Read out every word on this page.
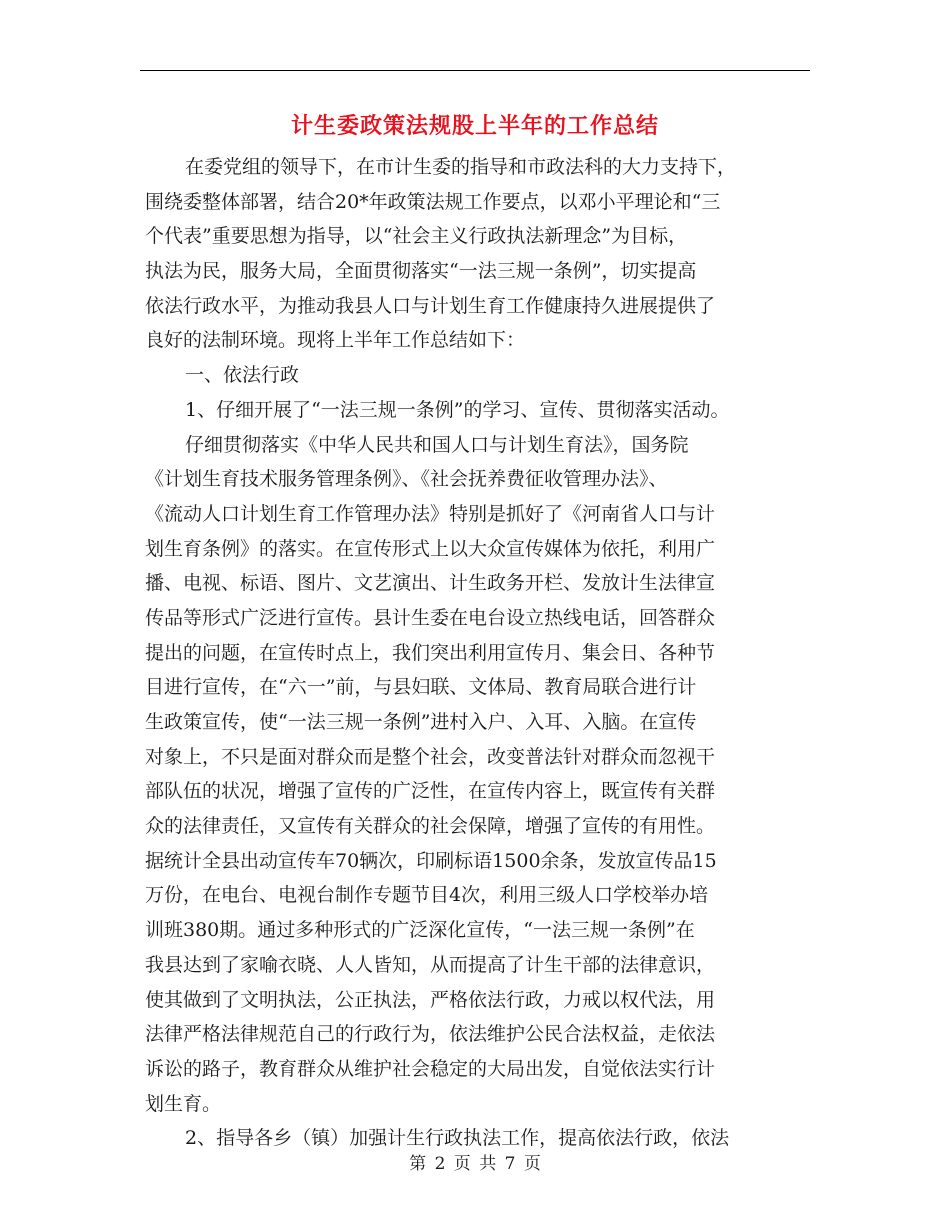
计生委政策法规股上半年的工作总结
在委党组的领导下，在市计生委的指导和市政法科的大力支持下，
围绕委整体部署，结合20*年政策法规工作要点，以邓小平理论和“三
个代表”重要思想为指导，以“社会主义行政执法新理念”为目标，
执法为民，服务大局，全面贯彻落实“一法三规一条例”，切实提高
依法行政水平，为推动我县人口与计划生育工作健康持久进展提供了
良好的法制环境。现将上半年工作总结如下：
一、依法行政
1、仔细开展了“一法三规一条例”的学习、宣传、贯彻落实活动。
仔细贯彻落实《中华人民共和国人口与计划生育法》，国务院
《计划生育技术服务管理条例》、《社会抚养费征收管理办法》、
《流动人口计划生育工作管理办法》特别是抓好了《河南省人口与计
划生育条例》的落实。在宣传形式上以大众宣传媒体为依托，利用广
播、电视、标语、图片、文艺演出、计生政务开栏、发放计生法律宣
传品等形式广泛进行宣传。县计生委在电台设立热线电话，回答群众
提出的问题，在宣传时点上，我们突出利用宣传月、集会日、各种节
目进行宣传，在“六一”前，与县妇联、文体局、教育局联合进行计
生政策宣传，使“一法三规一条例”进村入户、入耳、入脑。在宣传
对象上，不只是面对群众而是整个社会，改变普法针对群众而忽视干
部队伍的状况，增强了宣传的广泛性，在宣传内容上，既宣传有关群
众的法律责任，又宣传有关群众的社会保障，增强了宣传的有用性。
据统计全县出动宣传车70辆次，印刷标语1500余条，发放宣传品15
万份，在电台、电视台制作专题节目4次，利用三级人口学校举办培
训班380期。通过多种形式的广泛深化宣传，“一法三规一条例”在
我县达到了家喻衣晓、人人皆知，从而提高了计生干部的法律意识，
使其做到了文明执法，公正执法，严格依法行政，力戒以权代法，用
法律严格法律规范自己的行政行为，依法维护公民合法权益，走依法
诉讼的路子，教育群众从维护社会稳定的大局出发，自觉依法实行计
划生育。
2、指导各乡（镇）加强计生行政执法工作，提高依法行政，依法
第 2 页 共 7 页
